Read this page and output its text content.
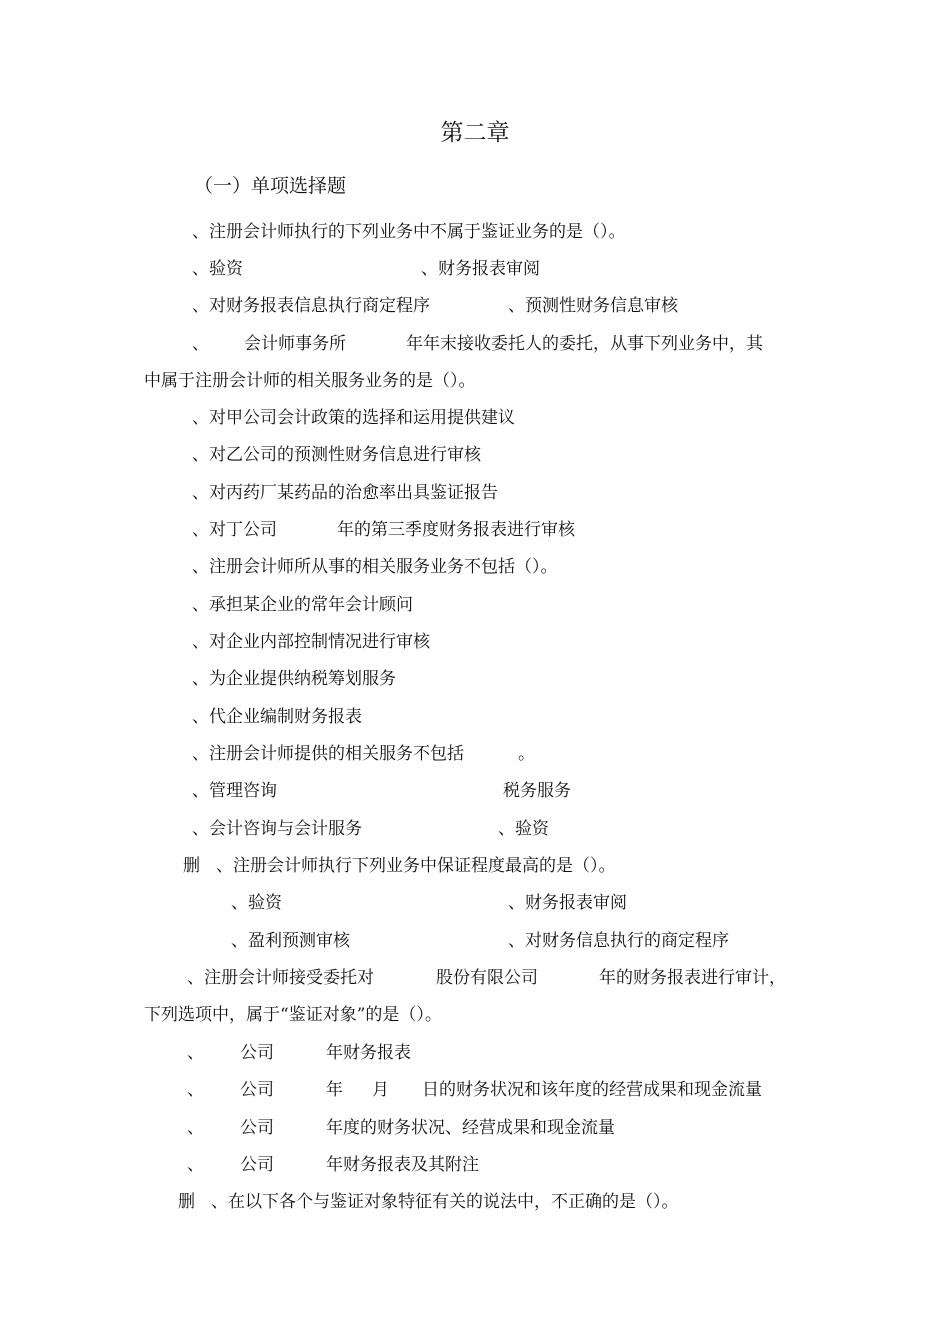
第二章
（一）单项选择题
、注册会计师执行的下列业务中不属于鉴证业务的是（）。
、验资	、财务报表审阅
、对财务报表信息执行商定程序	、预测性财务信息审核
、 会计师事务所	年年末接收委托人的委托，从事下列业务中，其
中属于注册会计师的相关服务业务的是（）。
、对甲公司会计政策的选择和运用提供建议
、对乙公司的预测性财务信息进行审核
、对丙药厂某药品的治愈率出具鉴证报告
、对丁公司	年的第三季度财务报表进行审核
、注册会计师所从事的相关服务业务不包括（）。
、承担某企业的常年会计顾问
、对企业内部控制情况进行审核
、为企业提供纳税筹划服务
、代企业编制财务报表
、注册会计师提供的相关服务不包括	。
、管理咨询	税务服务
、会计咨询与会计服务	、验资
删 、注册会计师执行下列业务中保证程度最高的是（）。
、验资	、财务报表审阅
、盈利预测审核	、对财务信息执行的商定程序
、注册会计师接受委托对	股份有限公司	年的财务报表进行审计，
下列选项中，属于“鉴证对象”的是（）。
、 公司	年财务报表
、 公司	年 月 日的财务状况和该年度的经营成果和现金流量
、 公司	年度的财务状况、经营成果和现金流量
、 公司	年财务报表及其附注
删 、在以下各个与鉴证对象特征有关的说法中，不正确的是（）。
